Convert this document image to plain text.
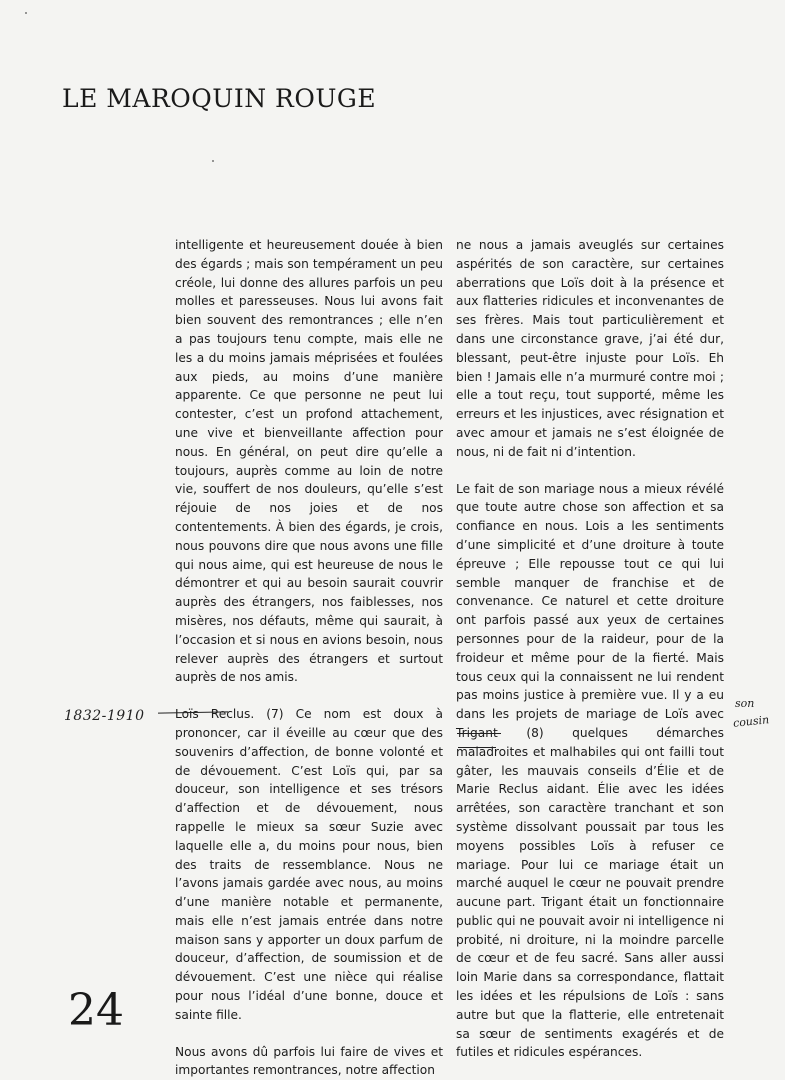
LE MAROQUIN ROUGE

intelligente et heureusement douée à bien des égards ; mais son tempérament un peu créole, lui donne des allures parfois un peu molles et paresseuses. Nous lui avons fait bien souvent des remontrances ; elle n’en a pas toujours tenu compte, mais elle ne les a du moins jamais méprisées et foulées aux pieds, au moins d’une manière apparente. Ce que personne ne peut lui contester, c’est un profond attachement, une vive et bienveillante affection pour nous. En général, on peut dire qu’elle a toujours, auprès comme au loin de notre vie, souffert de nos douleurs, qu’elle s’est réjouie de nos joies et de nos contentements. À bien des égards, je crois, nous pouvons dire que nous avons une fille qui nous aime, qui est heureuse de nous le démontrer et qui au besoin saurait couvrir auprès des étrangers, nos faiblesses, nos misères, nos défauts, même qui saurait, à l’occasion et si nous en avions besoin, nous relever auprès des étrangers et surtout auprès de nos amis.

Loïs Reclus. (7) Ce nom est doux à prononcer, car il éveille au cœur que des souvenirs d’affection, de bonne volonté et de dévouement. C’est Loïs qui, par sa douceur, son intelligence et ses trésors d’affection et de dévouement, nous rappelle le mieux sa sœur Suzie avec laquelle elle a, du moins pour nous, bien des traits de ressemblance. Nous ne l’avons jamais gardée avec nous, au moins d’une manière notable et permanente, mais elle n’est jamais entrée dans notre maison sans y apporter un doux parfum de douceur, d’affection, de soumission et de dévouement. C’est une nièce qui réalise pour nous l’idéal d’une bonne, douce et sainte fille.

Nous avons dû parfois lui faire de vives et importantes remontrances, notre affection

ne nous a jamais aveuglés sur certaines aspérités de son caractère, sur certaines aberrations que Loïs doit à la présence et aux flatteries ridicules et inconvenantes de ses frères. Mais tout particulièrement et dans une circonstance grave, j’ai été dur, blessant, peut-être injuste pour Loïs. Eh bien ! Jamais elle n’a murmuré contre moi ; elle a tout reçu, tout supporté, même les erreurs et les injustices, avec résignation et avec amour et jamais ne s’est éloignée de nous, ni de fait ni d’intention.

Le fait de son mariage nous a mieux révélé que toute autre chose son affection et sa confiance en nous. Lois a les sentiments d’une simplicité et d’une droiture à toute épreuve ; Elle repousse tout ce qui lui semble manquer de franchise et de convenance. Ce naturel et cette droiture ont parfois passé aux yeux de certaines personnes pour de la raideur, pour de la froideur et même pour de la fierté. Mais tous ceux qui la connaissent ne lui rendent pas moins justice à première vue. Il y a eu dans les projets de mariage de Loïs avec Trigant (8) quelques démarches maladroites et malhabiles qui ont failli tout gâter, les mauvais conseils d’Élie et de Marie Reclus aidant. Élie avec les idées arrêtées, son caractère tranchant et son système dissolvant poussait par tous les moyens possibles Loïs à refuser ce mariage. Pour lui ce mariage était un marché auquel le cœur ne pouvait prendre aucune part. Trigant était un fonctionnaire public qui ne pouvait avoir ni intelligence ni probité, ni droiture, ni la moindre parcelle de cœur et de feu sacré. Sans aller aussi loin Marie dans sa correspondance, flattait les idées et les répulsions de Loïs : sans autre but que la flatterie, elle entretenait sa sœur de sentiments exagérés et de futiles et ridicules espérances.

24
1832-1910
son
cousin
